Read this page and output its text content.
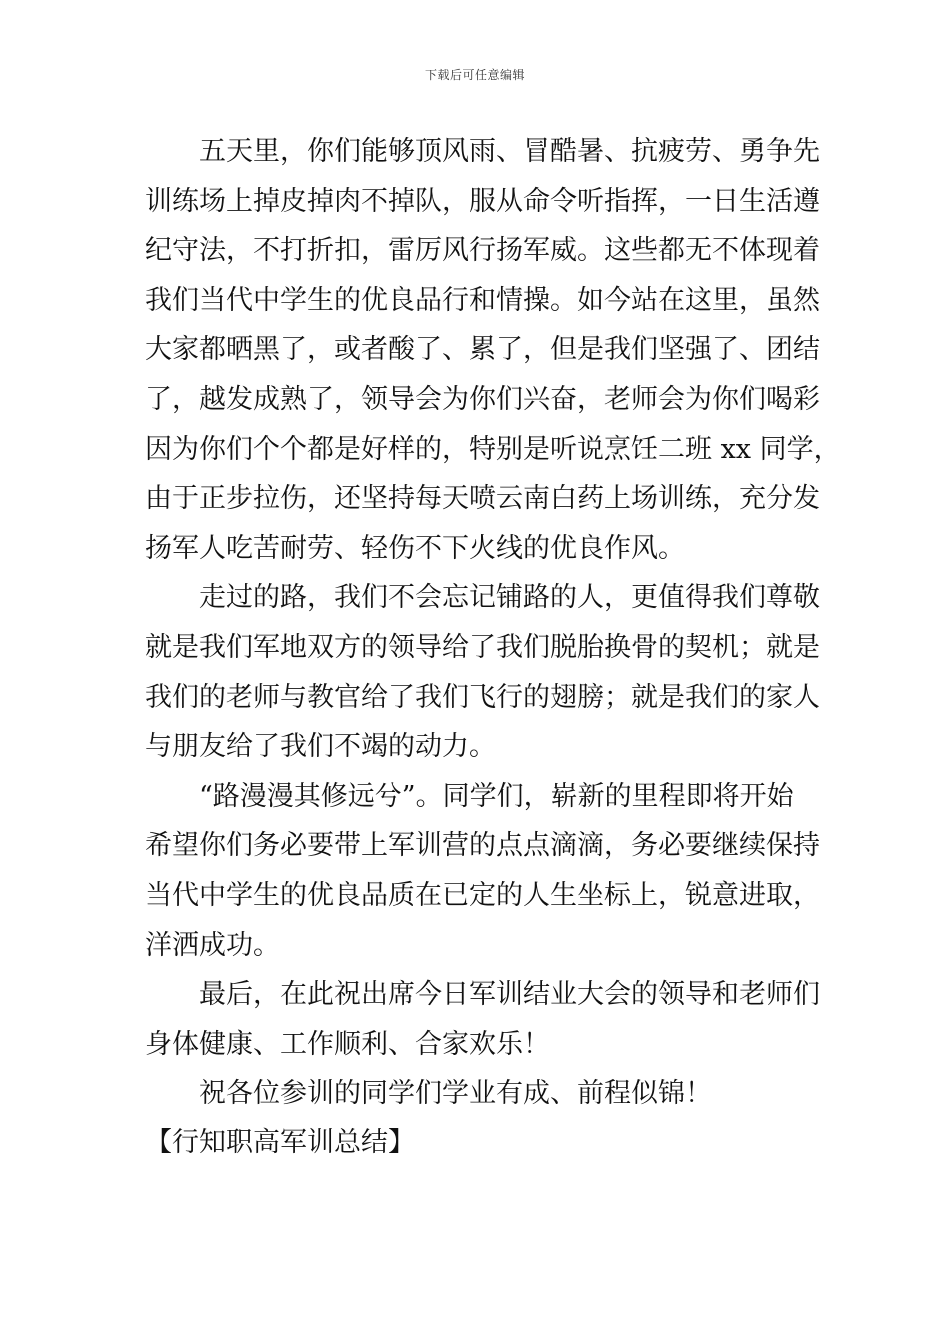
下载后可任意编辑
五天里，你们能够顶风雨、冒酷暑、抗疲劳、勇争先
训练场上掉皮掉肉不掉队，服从命令听指挥，一日生活遵
纪守法，不打折扣，雷厉风行扬军威。这些都无不体现着
我们当代中学生的优良品行和情操。如今站在这里，虽然
大家都晒黑了，或者酸了、累了，但是我们坚强了、团结
了，越发成熟了，领导会为你们兴奋，老师会为你们喝彩
因为你们个个都是好样的，特别是听说烹饪二班 xx 同学，
由于正步拉伤，还坚持每天喷云南白药上场训练，充分发
扬军人吃苦耐劳、轻伤不下火线的优良作风。
走过的路，我们不会忘记铺路的人，更值得我们尊敬
就是我们军地双方的领导给了我们脱胎换骨的契机；就是
我们的老师与教官给了我们飞行的翅膀；就是我们的家人
与朋友给了我们不竭的动力。
“路漫漫其修远兮”。同学们，崭新的里程即将开始
希望你们务必要带上军训营的点点滴滴，务必要继续保持
当代中学生的优良品质在已定的人生坐标上，锐意进取，
洋洒成功。
最后，在此祝出席今日军训结业大会的领导和老师们
身体健康、工作顺利、合家欢乐！
祝各位参训的同学们学业有成、前程似锦！
【行知职高军训总结】
